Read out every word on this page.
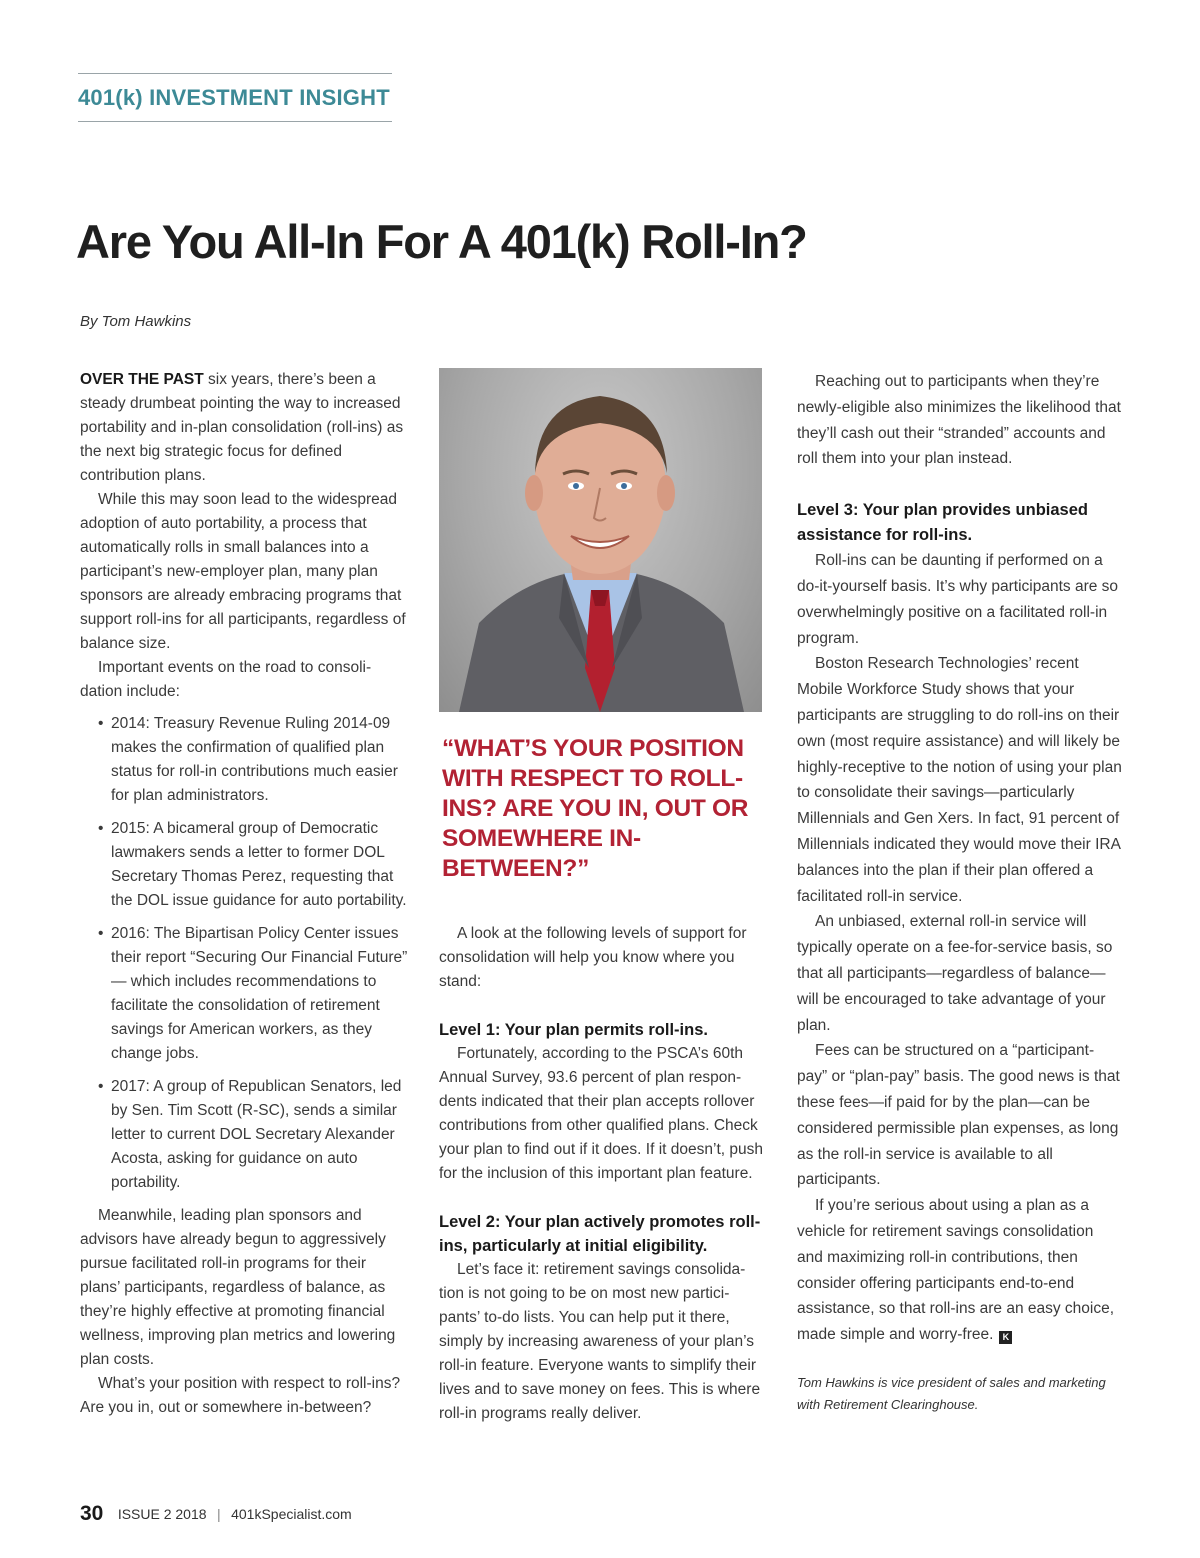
401(k) INVESTMENT INSIGHT
Are You All-In For A 401(k) Roll-In?
By Tom Hawkins

OVER THE PAST six years, there’s been a steady drumbeat pointing the way to increased portability and in-plan consolidation (roll-ins) as the next big strategic focus for defined contribution plans.

While this may soon lead to the widespread adoption of auto portability, a process that automatically rolls in small balances into a participant’s new-employer plan, many plan sponsors are already embracing programs that support roll-ins for all participants, regardless of balance size.

Important events on the road to consolidation include:

• 2014: Treasury Revenue Ruling 2014-09 makes the confirmation of qualified plan status for roll-in contributions much easier for plan administrators.
• 2015: A bicameral group of Democratic lawmakers sends a letter to former DOL Secretary Thomas Perez, requesting that the DOL issue guidance for auto portability.
• 2016: The Bipartisan Policy Center issues their report “Securing Our Financial Future” — which includes recommendations to facilitate the consolidation of retirement savings for American workers, as they change jobs.
• 2017: A group of Republican Senators, led by Sen. Tim Scott (R-SC), sends a similar letter to current DOL Secretary Alexander Acosta, asking for guidance on auto portability.

Meanwhile, leading plan sponsors and advisors have already begun to aggressively pursue facilitated roll-in programs for their plans’ participants, regardless of balance, as they’re highly effective at promoting financial wellness, improving plan metrics and lowering plan costs.

What’s your position with respect to roll-ins? Are you in, out or somewhere in-between?

“WHAT’S YOUR POSITION WITH RESPECT TO ROLL-INS? ARE YOU IN, OUT OR SOMEWHERE IN-BETWEEN?”

A look at the following levels of support for consolidation will help you know where you stand:

Level 1: Your plan permits roll-ins.

Fortunately, according to the PSCA’s 60th Annual Survey, 93.6 percent of plan respondents indicated that their plan accepts rollover contributions from other qualified plans. Check your plan to find out if it does. If it doesn’t, push for the inclusion of this important plan feature.

Level 2: Your plan actively promotes roll-ins, particularly at initial eligibility.

Let’s face it: retirement savings consolidation is not going to be on most new participants’ to-do lists. You can help put it there, simply by increasing awareness of your plan’s roll-in feature. Everyone wants to simplify their lives and to save money on fees. This is where roll-in programs really deliver.

Reaching out to participants when they’re newly-eligible also minimizes the likelihood that they’ll cash out their “stranded” accounts and roll them into your plan instead.

Level 3: Your plan provides unbiased assistance for roll-ins.

Roll-ins can be daunting if performed on a do-it-yourself basis. It’s why participants are so overwhelmingly positive on a facilitated roll-in program.

Boston Research Technologies’ recent Mobile Workforce Study shows that your participants are struggling to do roll-ins on their own (most require assistance) and will likely be highly-receptive to the notion of using your plan to consolidate their savings—particularly Millennials and Gen Xers. In fact, 91 percent of Millennials indicated they would move their IRA balances into the plan if their plan offered a facilitated roll-in service.

An unbiased, external roll-in service will typically operate on a fee-for-service basis, so that all participants—regardless of balance—will be encouraged to take advantage of your plan.

Fees can be structured on a “participant-pay” or “plan-pay” basis. The good news is that these fees—if paid for by the plan—can be considered permissible plan expenses, as long as the roll-in service is available to all participants.

If you’re serious about using a plan as a vehicle for retirement savings consolidation and maximizing roll-in contributions, then consider offering participants end-to-end assistance, so that roll-ins are an easy choice, made simple and worry-free. K

Tom Hawkins is vice president of sales and marketing with Retirement Clearinghouse.

30 ISSUE 2 2018 | 401kSpecialist.com
